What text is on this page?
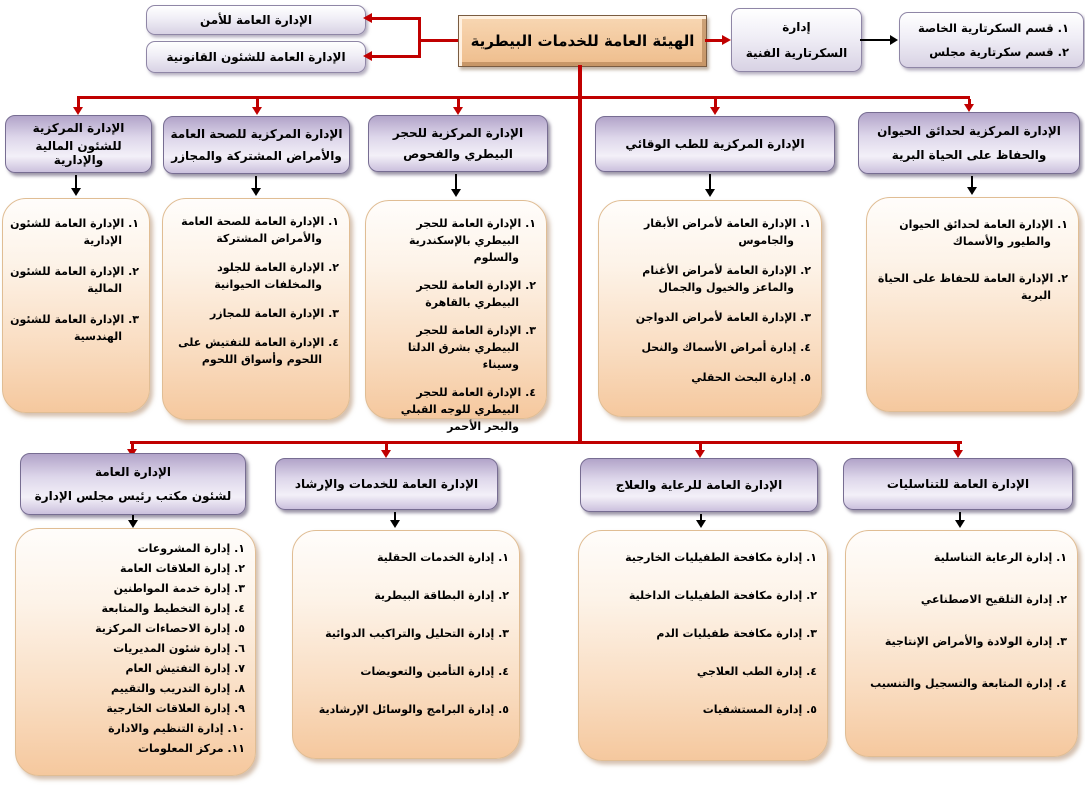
الهيئة العامة للخدمات البيطرية
الإدارة العامة للأمن
الإدارة العامة للشئون القانونية
إدارة
السكرتارية الفنية
١. قسم السكرتارية الخاصة
٢. قسم سكرتارية مجلس
الإدارة المركزية
للشئون المالية والإدارية
الإدارة المركزية للصحة العامة
والأمراض المشتركة والمجازر
الإدارة المركزية للحجر
البيطري والفحوص
الإدارة المركزية للطب الوقائي
الإدارة المركزية لحدائق الحيوان
والحفاظ على الحياة البرية
١. الإدارة العامة للشئون الإدارية
٢. الإدارة العامة للشئون المالية
٣. الإدارة العامة للشئون الهندسية
١. الإدارة العامة للصحة العامة والأمراض المشتركة
٢. الإدارة العامة للجلود والمخلفات الحيوانية
٣. الإدارة العامة للمجازر
٤. الإدارة العامة للتفتيش على اللحوم وأسواق اللحوم
١. الإدارة العامة للحجر البيطري بالإسكندرية والسلوم
٢. الإدارة العامة للحجر البيطري بالقاهرة
٣. الإدارة العامة للحجر البيطري بشرق الدلتا وسيناء
٤. الإدارة العامة للحجر البيطري للوجه القبلي والبحر الأحمر
١. الإدارة العامة لأمراض الأبقار والجاموس
٢. الإدارة العامة لأمراض الأغنام والماعز والخيول والجمال
٣. الإدارة العامة لأمراض الدواجن
٤. إدارة أمراض الأسماك والنحل
٥. إدارة البحث الحقلي
١. الإدارة العامة لحدائق الحيوان والطيور والأسماك
٢. الإدارة العامة للحفاظ على الحياة البرية
الإدارة العامة
لشئون مكتب رئيس مجلس الإدارة
الإدارة العامة للخدمات والإرشاد	الإدارة العامة للرعاية والعلاج	الإدارة العامة للتناسليات
١. إدارة المشروعات
٢. إدارة العلاقات العامة
٣. إدارة خدمة المواطنين
٤. إدارة التخطيط والمتابعة
٥. إدارة الاحصاءات المركزية
٦. إدارة شئون المديريات
٧. إدارة التفتيش العام
٨. إدارة التدريب والتقييم
٩. إدارة العلاقات الخارجية
١٠. إدارة التنظيم والادارة
١١. مركز المعلومات
١. إدارة الخدمات الحقلية
٢. إدارة البطاقة البيطرية
٣. إدارة التحليل والتراكيب الدوائية
٤. إدارة التأمين والتعويضات
٥. إدارة البرامج والوسائل الإرشادية
١. إدارة مكافحة الطفيليات الخارجية
٢. إدارة مكافحة الطفيليات الداخلية
٣. إدارة مكافحة طفيليات الدم
٤. إدارة الطب العلاجي
٥. إدارة المستشفيات
١. إدارة الرعاية التناسلية
٢. إدارة التلقيح الاصطناعي
٣. إدارة الولادة والأمراض الإنتاجية
٤. إدارة المتابعة والتسجيل والتنسيب
